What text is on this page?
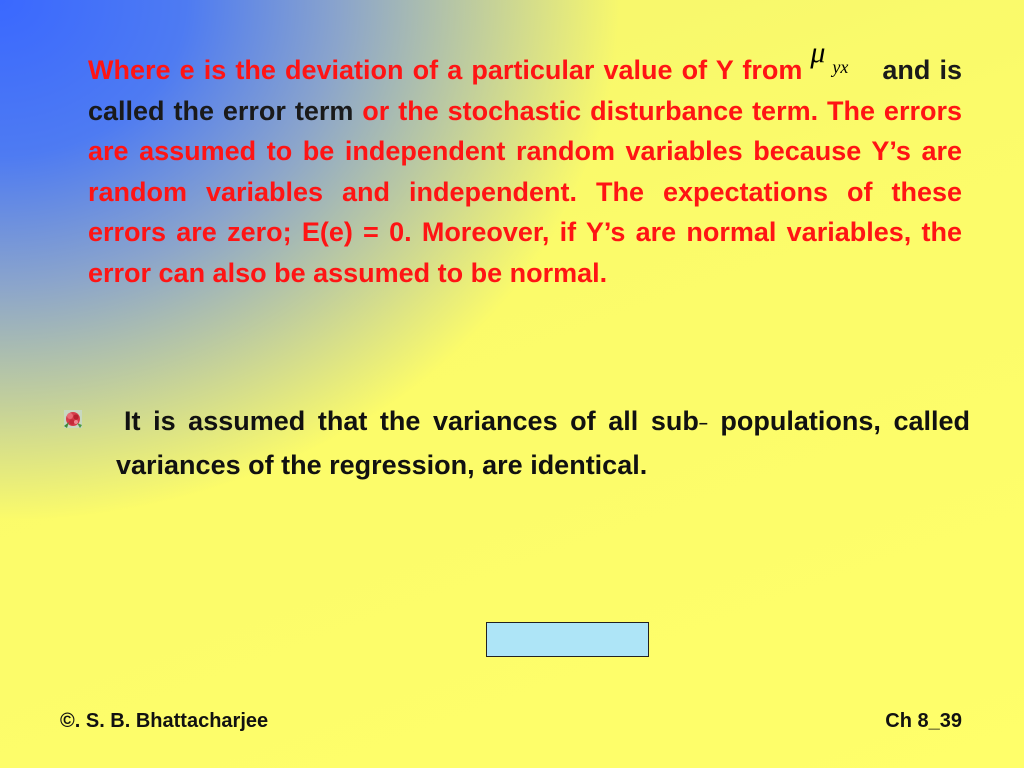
Where e is the deviation of a particular value of Y from
μ yx and is called the error term or the stochastic disturbance term. The errors are assumed to be independent random variables because Y’s are random variables and independent. The expectations of these errors are zero; E(e) = 0. Moreover, if Y’s are normal variables, the error can also be assumed to be normal.
It is assumed that the variances of all sub– populations, called variances of the regression, are identical.
©. S. B. Bhattacharjee	Ch 8_39
